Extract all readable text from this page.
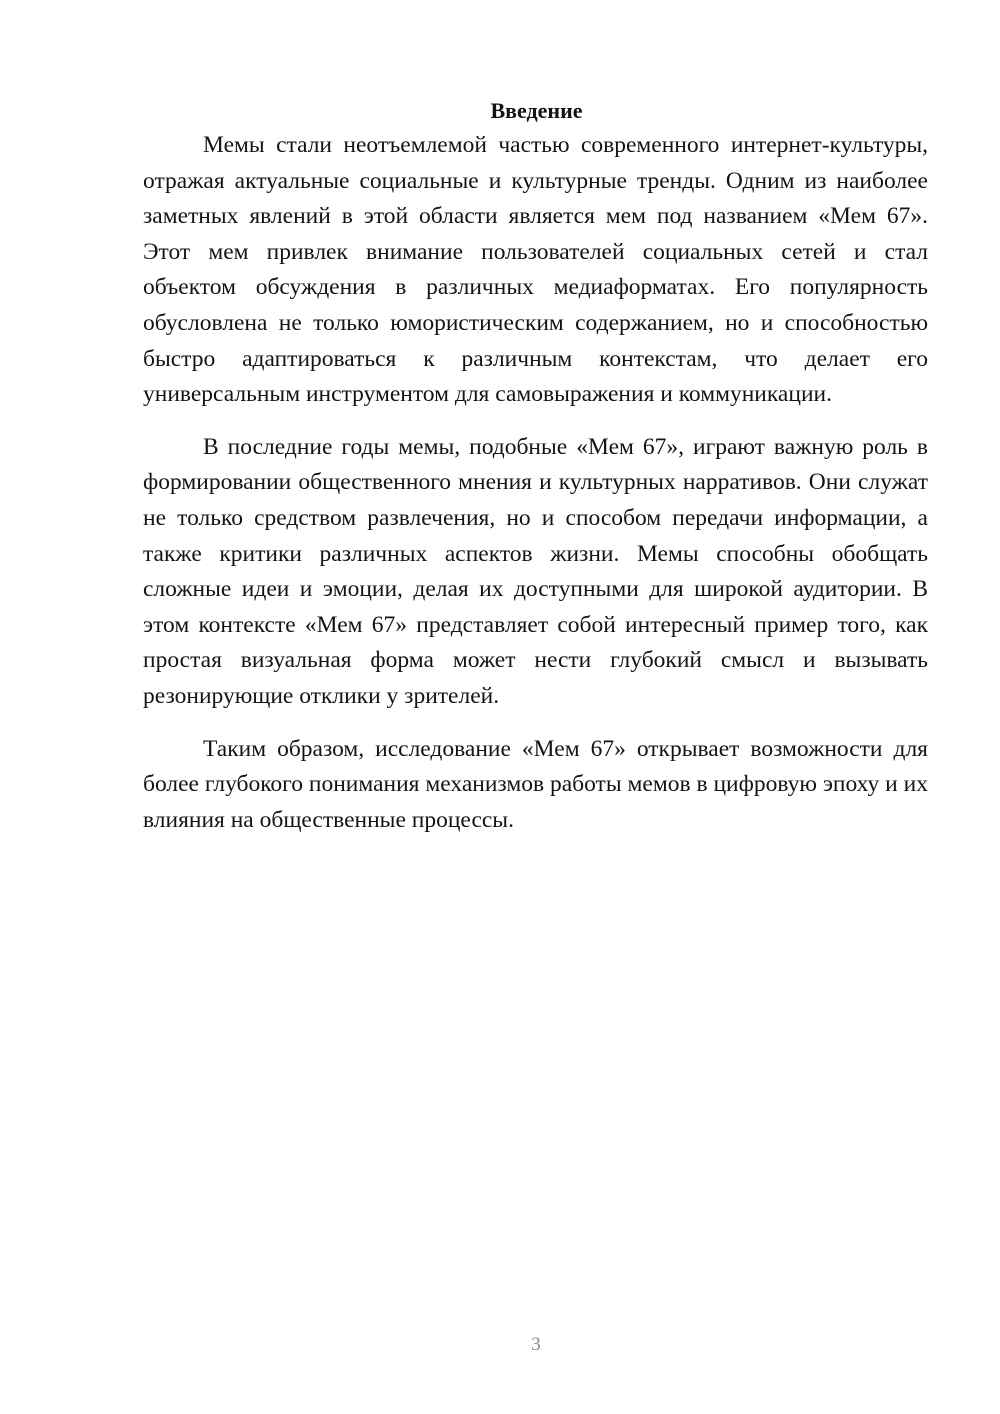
Введение

Мемы стали неотъемлемой частью современного интернет-культуры, отражая актуальные социальные и культурные тренды. Одним из наиболее заметных явлений в этой области является мем под названием «Мем 67». Этот мем привлек внимание пользователей социальных сетей и стал объектом обсуждения в различных медиаформатах. Его популярность обусловлена не только юмористическим содержанием, но и способностью быстро адаптироваться к различным контекстам, что делает его универсальным инструментом для самовыражения и коммуникации.

В последние годы мемы, подобные «Мем 67», играют важную роль в формировании общественного мнения и культурных нарративов. Они служат не только средством развлечения, но и способом передачи информации, а также критики различных аспектов жизни. Мемы способны обобщать сложные идеи и эмоции, делая их доступными для широкой аудитории. В этом контексте «Мем 67» представляет собой интересный пример того, как простая визуальная форма может нести глубокий смысл и вызывать резонирующие отклики у зрителей.

Таким образом, исследование «Мем 67» открывает возможности для более глубокого понимания механизмов работы мемов в цифровую эпоху и их влияния на общественные процессы.

3
